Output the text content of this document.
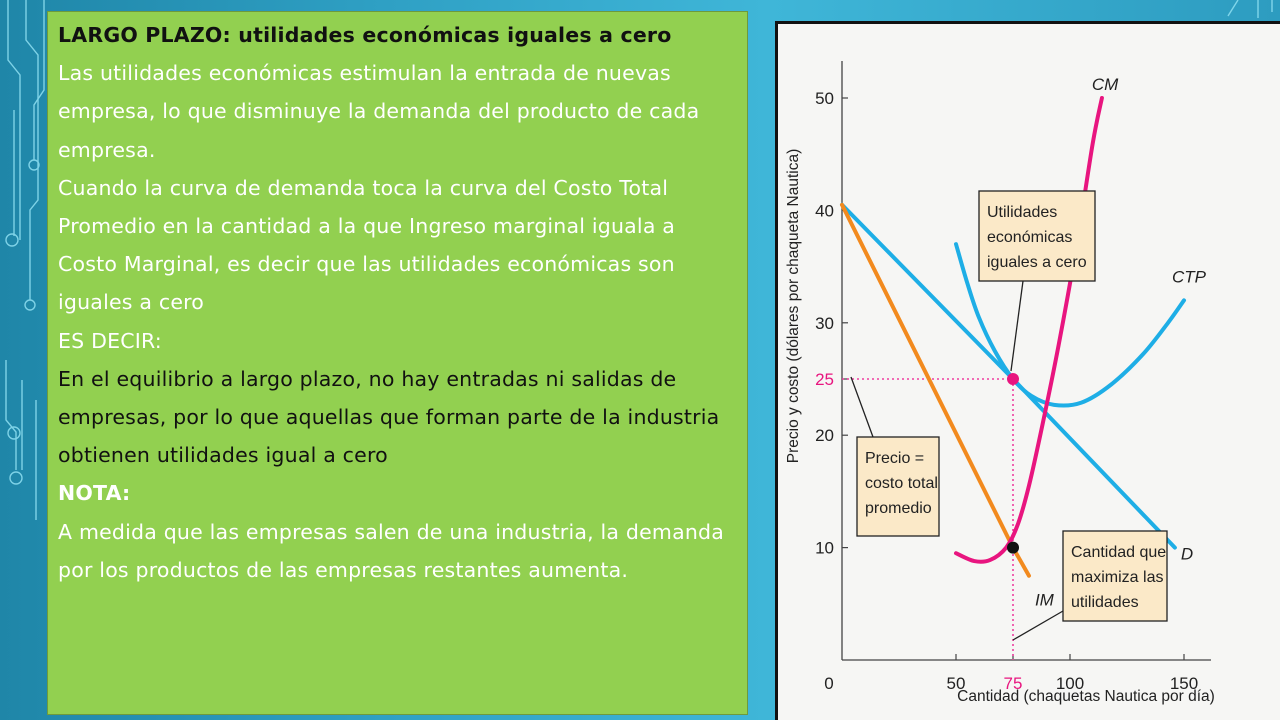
LARGO PLAZO: utilidades económicas iguales a cero

Las utilidades económicas estimulan la entrada de nuevas empresa, lo que disminuye la demanda del producto de cada empresa.

Cuando la curva de demanda toca la curva del Costo Total Promedio en la cantidad a la que Ingreso marginal iguala a Costo Marginal, es decir que las utilidades económicas son iguales a cero

ES DECIR:

En el equilibrio a largo plazo, no hay entradas ni salidas de empresas, por lo que aquellas que forman parte de la industria obtienen utilidades igual a cero

NOTA:

A medida que las empresas salen de una industria, la demanda por los productos de las empresas restantes aumenta.

10
20
25
30
40
50
0	50 75 100	150
D
IM
CTP
CM
Utilidades
económicas
iguales a cero
Precio =
costo total
promedio
Cantidad que
maximiza las
utilidades
Precio y costo (dólares por chaqueta Nautica)
Cantidad (chaquetas Nautica por día)
